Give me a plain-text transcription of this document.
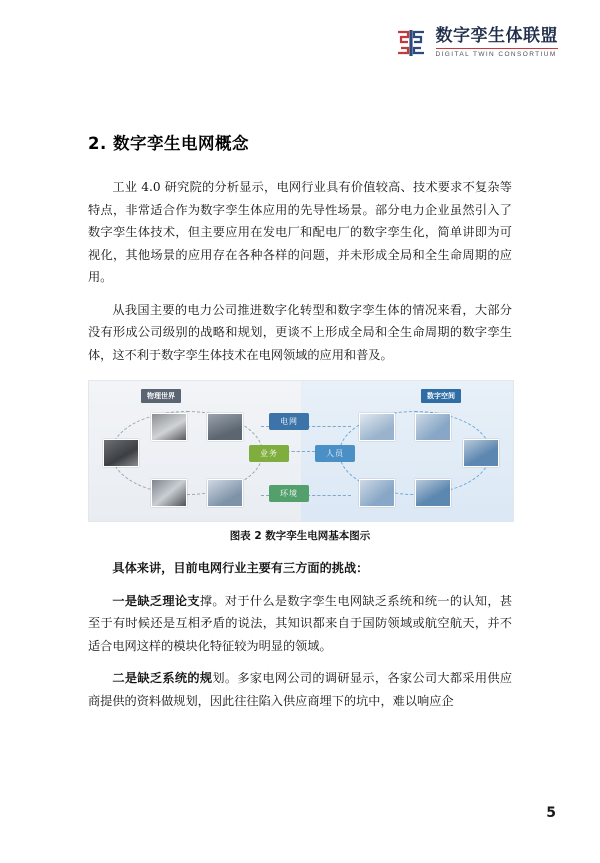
数字孪生体联盟
DIGITAL TWIN CONSORTIUM
2. 数字孪生电网概念

工业 4.0 研究院的分析显示，电网行业具有价值较高、技术要求不复杂等特点，非常适合作为数字孪生体应用的先导性场景。部分电力企业虽然引入了数字孪生体技术，但主要应用在发电厂和配电厂的数字孪生化，简单讲即为可视化，其他场景的应用存在各种各样的问题，并未形成全局和全生命周期的应用。

从我国主要的电力公司推进数字化转型和数字孪生体的情况来看，大部分没有形成公司级别的战略和规划，更谈不上形成全局和全生命周期的数字孪生体，这不利于数字孪生体技术在电网领域的应用和普及。

物理世界	数字空间
电网
业务	人员
环境
图表 2 数字孪生电网基本图示

具体来讲，目前电网行业主要有三方面的挑战：

一是缺乏理论支撑。对于什么是数字孪生电网缺乏系统和统一的认知，甚至于有时候还是互相矛盾的说法，其知识都来自于国防领域或航空航天，并不适合电网这样的模块化特征较为明显的领域。

二是缺乏系统的规划。多家电网公司的调研显示，各家公司大都采用供应商提供的资料做规划，因此往往陷入供应商埋下的坑中，难以响应企

5
